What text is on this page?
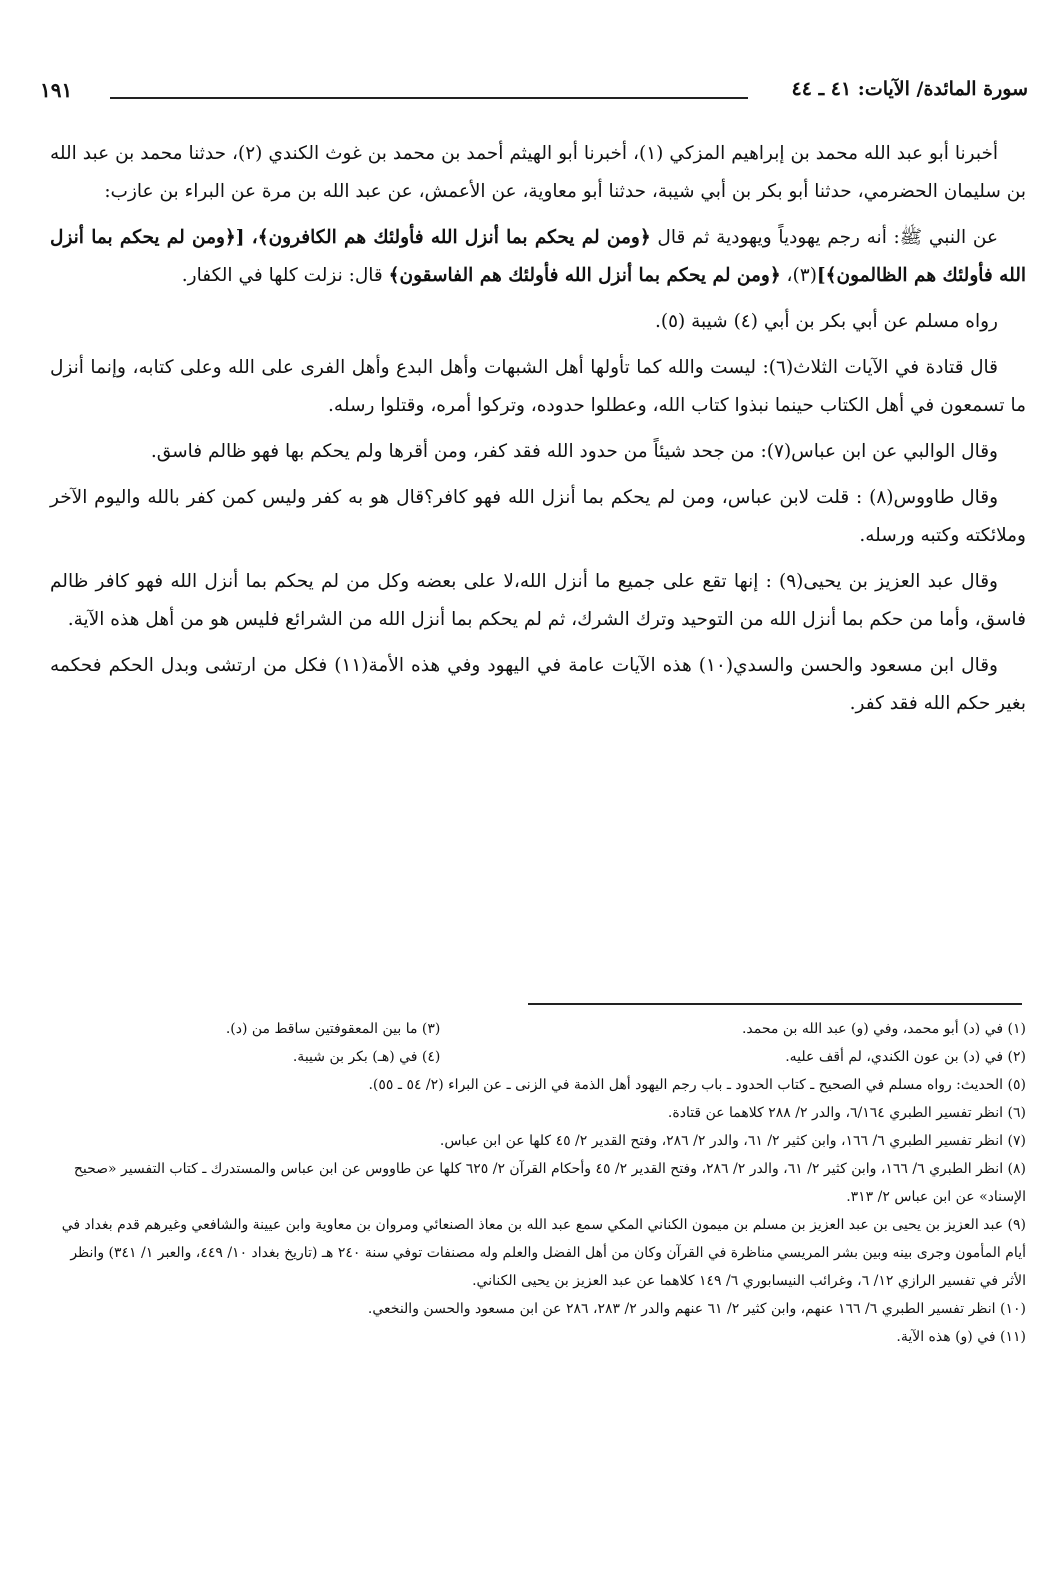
سورة المائدة/ الآيات: ٤١ ـ ٤٤
١٩١

أخبرنا أبو عبد الله محمد بن إبراهيم المزكي (١)، أخبرنا أبو الهيثم أحمد بن محمد بن غوث الكندي (٢)، حدثنا محمد بن عبد الله بن سليمان الحضرمي، حدثنا أبو بكر بن أبي شيبة، حدثنا أبو معاوية، عن الأعمش، عن عبد الله بن مرة عن البراء بن عازب:

عن النبي ﷺ: أنه رجم يهودياً ويهودية ثم قال ﴿ومن لم يحكم بما أنزل الله فأولئك هم الكافرون﴾، [﴿ومن لم يحكم بما أنزل الله فأولئك هم الظالمون﴾](٣)، ﴿ومن لم يحكم بما أنزل الله فأولئك هم الفاسقون﴾ قال: نزلت كلها في الكفار.

رواه مسلم عن أبي بكر بن أبي (٤) شيبة (٥).

قال قتادة في الآيات الثلاث(٦): ليست والله كما تأولها أهل الشبهات وأهل البدع وأهل الفرى على الله وعلى كتابه، وإنما أنزل ما تسمعون في أهل الكتاب حينما نبذوا كتاب الله، وعطلوا حدوده، وتركوا أمره، وقتلوا رسله.

وقال الوالبي عن ابن عباس(٧): من جحد شيئاً من حدود الله فقد كفر، ومن أقرها ولم يحكم بها فهو ظالم فاسق.

وقال طاووس(٨) : قلت لابن عباس، ومن لم يحكم بما أنزل الله فهو كافر؟قال هو به كفر وليس كمن كفر بالله واليوم الآخر وملائكته وكتبه ورسله.

وقال عبد العزيز بن يحيى(٩) : إنها تقع على جميع ما أنزل الله،لا على بعضه وكل من لم يحكم بما أنزل الله فهو كافر ظالم فاسق، وأما من حكم بما أنزل الله من التوحيد وترك الشرك، ثم لم يحكم بما أنزل الله من الشرائع فليس هو من أهل هذه الآية.

وقال ابن مسعود والحسن والسدي(١٠) هذه الآيات عامة في اليهود وفي هذه الأمة(١١) فكل من ارتشى وبدل الحكم فحكمه بغير حكم الله فقد كفر.

(١) في (د) أبو محمد، وفي (و) عبد الله بن محمد.

(٢) في (د) بن عون الكندي، لم أقف عليه.

(٣) ما بين المعقوفتين ساقط من (د).

(٤) في (هـ) بكر بن شيبة.

(٥) الحديث: رواه مسلم في الصحيح ـ كتاب الحدود ـ باب رجم اليهود أهل الذمة في الزنى ـ عن البراء (٢/ ٥٤ ـ ٥٥).

(٦) انظر تفسير الطبري ٦/١٦٤، والدر ٢/ ٢٨٨ كلاهما عن قتادة.

(٧) انظر تفسير الطبري ٦/ ١٦٦، وابن كثير ٢/ ٦١، والدر ٢/ ٢٨٦، وفتح القدير ٢/ ٤٥ كلها عن ابن عباس.

(٨) انظر الطبري ٦/ ١٦٦، وابن كثير ٢/ ٦١، والدر ٢/ ٢٨٦، وفتح القدير ٢/ ٤٥ وأحكام القرآن ٢/ ٦٢٥ كلها عن طاووس عن ابن عباس والمستدرك ـ كتاب التفسير «صحيح الإسناد» عن ابن عباس ٢/ ٣١٣.

(٩) عبد العزيز بن يحيى بن عبد العزيز بن مسلم بن ميمون الكناني المكي سمع عبد الله بن معاذ الصنعائي ومروان بن معاوية وابن عيينة والشافعي وغيرهم قدم بغداد في أيام المأمون وجرى بينه وبين بشر المريسي مناظرة في القرآن وكان من أهل الفضل والعلم وله مصنفات توفي سنة ٢٤٠ هـ (تاريخ بغداد ١٠/ ٤٤٩، والعبر ١/ ٣٤١) وانظر الأثر في تفسير الرازي ١٢/ ٦، وغرائب النيسابوري ٦/ ١٤٩ كلاهما عن عبد العزيز بن يحيى الكناني.

(١٠) انظر تفسير الطبري ٦/ ١٦٦ عنهم، وابن كثير ٢/ ٦١ عنهم والدر ٢/ ٢٨٣، ٢٨٦ عن ابن مسعود والحسن والنخعي.

(١١) في (و) هذه الآية.
